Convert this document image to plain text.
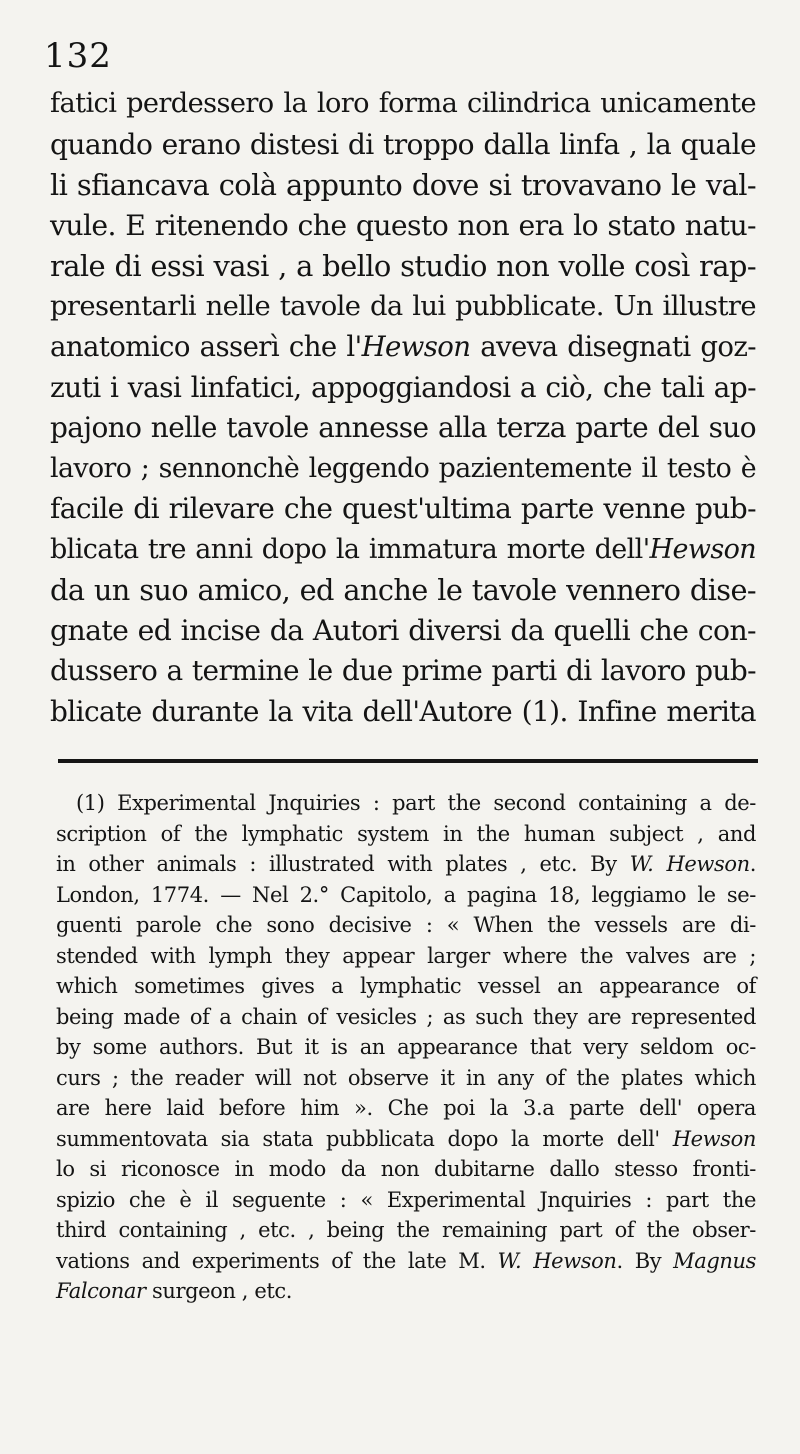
132

fatici perdessero la loro forma cilindrica unicamente
quando erano distesi di troppo dalla linfa , la quale
li sfiancava colà appunto dove si trovavano le val-
vule. E ritenendo che questo non era lo stato natu-
rale di essi vasi , a bello studio non volle così rap-
presentarli nelle tavole da lui pubblicate. Un illustre
anatomico asserì che l'Hewson aveva disegnati goz-
zuti i vasi linfatici, appoggiandosi a ciò, che tali ap-
pajono nelle tavole annesse alla terza parte del suo
lavoro ; sennonchè leggendo pazientemente il testo è
facile di rilevare che quest'ultima parte venne pub-
blicata tre anni dopo la immatura morte dell'Hewson
da un suo amico, ed anche le tavole vennero dise-
gnate ed incise da Autori diversi da quelli che con-
dussero a termine le due prime parti di lavoro pub-
blicate durante la vita dell'Autore (1). Infine merita
(1) Experimental Jnquiries : part the second containing a de-
scription of the lymphatic system in the human subject , and
in other animals : illustrated with plates , etc. By W. Hewson.
London, 1774. — Nel 2.° Capitolo, a pagina 18, leggiamo le se-
guenti parole che sono decisive : « When the vessels are di-
stended with lymph they appear larger where the valves are ;
which sometimes gives a lymphatic vessel an appearance of
being made of a chain of vesicles ; as such they are represented
by some authors. But it is an appearance that very seldom oc-
curs ; the reader will not observe it in any of the plates which
are here laid before him ». Che poi la 3.a parte dell' opera
summentovata sia stata pubblicata dopo la morte dell' Hewson
lo si riconosce in modo da non dubitarne dallo stesso fronti-
spizio che è il seguente : « Experimental Jnquiries : part the
third containing , etc. , being the remaining part of the obser-
vations and experiments of the late M. W. Hewson. By Magnus
Falconar surgeon , etc.
